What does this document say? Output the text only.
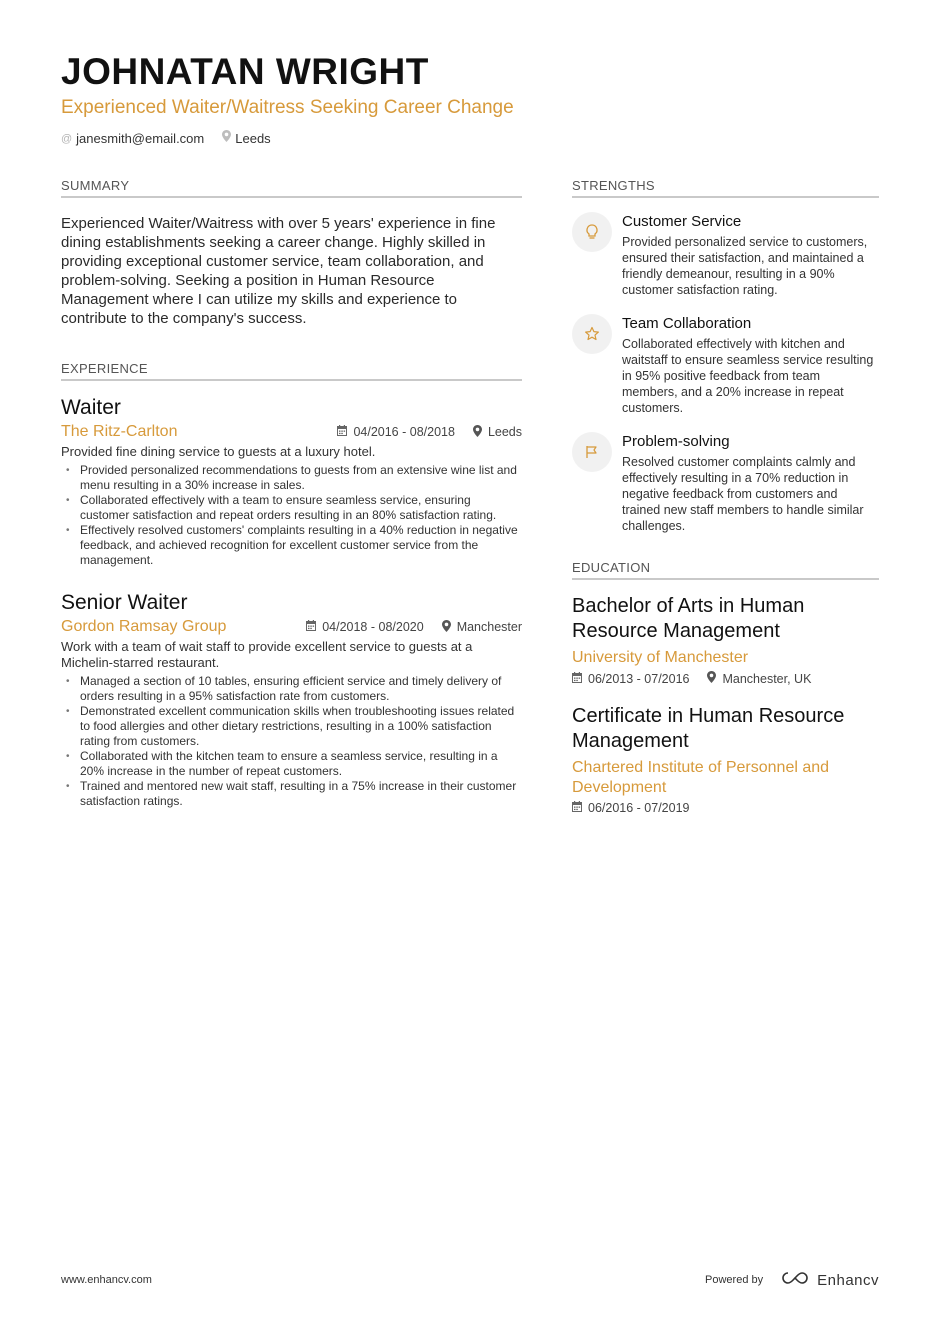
JOHNATAN WRIGHT
Experienced Waiter/Waitress Seeking Career Change
@ janesmith@email.com Leeds
SUMMARY

Experienced Waiter/Waitress with over 5 years' experience in fine dining establishments seeking a career change. Highly skilled in providing exceptional customer service, team collaboration, and problem-solving. Seeking a position in Human Resource Management where I can utilize my skills and experience to contribute to the company's success.

EXPERIENCE
Waiter
The Ritz-Carlton	04/2016 - 08/2018	Leeds
Provided fine dining service to guests at a luxury hotel.
• Provided personalized recommendations to guests from an extensive wine list and menu resulting in a 30% increase in sales.
• Collaborated effectively with a team to ensure seamless service, ensuring customer satisfaction and repeat orders resulting in an 80% satisfaction rating.
• Effectively resolved customers' complaints resulting in a 40% reduction in negative feedback, and achieved recognition for excellent customer service from the management.
Senior Waiter
Gordon Ramsay Group	04/2018 - 08/2020	Manchester
Work with a team of wait staff to provide excellent service to guests at a Michelin-starred restaurant.
• Managed a section of 10 tables, ensuring efficient service and timely delivery of orders resulting in a 95% satisfaction rate from customers.
• Demonstrated excellent communication skills when troubleshooting issues related to food allergies and other dietary restrictions, resulting in a 100% satisfaction rating from customers.
• Collaborated with the kitchen team to ensure a seamless service, resulting in a 20% increase in the number of repeat customers.
• Trained and mentored new wait staff, resulting in a 75% increase in their customer satisfaction ratings.
STRENGTHS
Customer Service
Provided personalized service to customers, ensured their satisfaction, and maintained a friendly demeanour, resulting in a 90% customer satisfaction rating.
Team Collaboration
Collaborated effectively with kitchen and waitstaff to ensure seamless service resulting in 95% positive feedback from team members, and a 20% increase in repeat customers.
Problem-solving
Resolved customer complaints calmly and effectively resulting in a 70% reduction in negative feedback from customers and trained new staff members to handle similar challenges.
EDUCATION
Bachelor of Arts in Human Resource Management
University of Manchester
06/2013 - 07/2016	Manchester, UK
Certificate in Human Resource Management
Chartered Institute of Personnel and Development
06/2016 - 07/2019
www.enhancv.com	Powered by	Enhancv
